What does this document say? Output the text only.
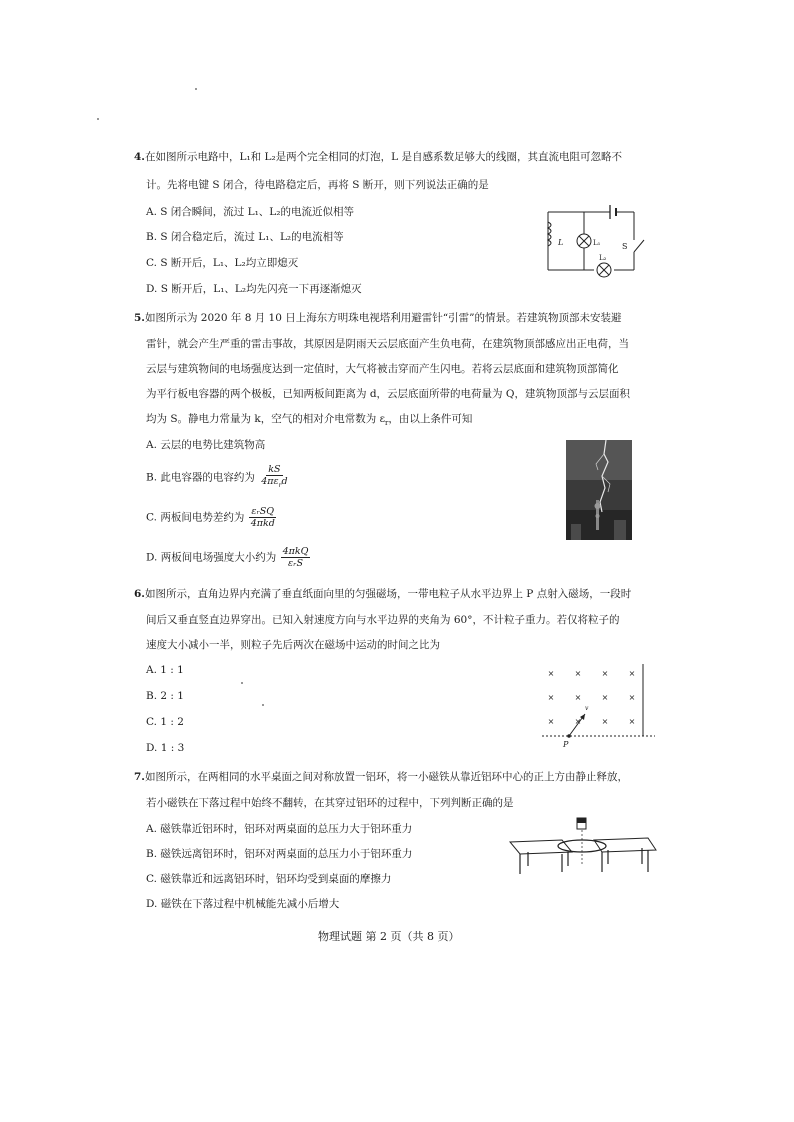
4.在如图所示电路中，L₁和 L₂是两个完全相同的灯泡，L 是自感系数足够大的线圈，其直流电阻可忽略不
计。先将电键 S 闭合，待电路稳定后，再将 S 断开，则下列说法正确的是
A. S 闭合瞬间，流过 L₁、L₂的电流近似相等
B. S 闭合稳定后，流过 L₁、L₂的电流相等
C. S 断开后，L₁、L₂均立即熄灭
D. S 断开后，L₁、L₂均先闪亮一下再逐渐熄灭
L	L₁
L₂
S
5.如图所示为 2020 年 8 月 10 日上海东方明珠电视塔利用避雷针“引雷”的情景。若建筑物顶部未安装避
雷针，就会产生严重的雷击事故，其原因是阴雨天云层底面产生负电荷，在建筑物顶部感应出正电荷，当
云层与建筑物间的电场强度达到一定值时，大气将被击穿而产生闪电。若将云层底面和建筑物顶部简化
为平行板电容器的两个极板，已知两板间距离为 d，云层底面所带的电荷量为 Q，建筑物顶部与云层面积
均为 S。静电力常量为 k，空气的相对介电常数为 $\varepsilon_r$，由以上条件可知
A. 云层的电势比建筑物高
B. 此电容器的电容约为 $\frac{kS}{4\pi\varepsilon_rd}$
C. 两板间电势差约为 $\frac{\text{εᵣSQ}}{\text{4πkd}}$
D. 两板间电场强度大小约为 $\frac{\text{4πkQ}}{\text{εᵣS}}$
6.如图所示，直角边界内充满了垂直纸面向里的匀强磁场，一带电粒子从水平边界上 P 点射入磁场，一段时
间后又垂直竖直边界穿出。已知入射速度方向与水平边界的夹角为 60°，不计粒子重力。若仅将粒子的
速度大小减小一半，则粒子先后两次在磁场中运动的时间之比为
A. 1 : 1
B. 2 : 1
C. 1 : 2
D. 1 : 3
×	×	×	×
×	×	×	×
×	×	×	×
v
P
7.如图所示，在两相同的水平桌面之间对称放置一铝环，将一小磁铁从靠近铝环中心的正上方由静止释放，
若小磁铁在下落过程中始终不翻转，在其穿过铝环的过程中，下列判断正确的是
A. 磁铁靠近铝环时，铝环对两桌面的总压力大于铝环重力
B. 磁铁远离铝环时，铝环对两桌面的总压力小于铝环重力
C. 磁铁靠近和远离铝环时，铝环均受到桌面的摩擦力
D. 磁铁在下落过程中机械能先减小后增大
物理试题 第 2 页（共 8 页）
